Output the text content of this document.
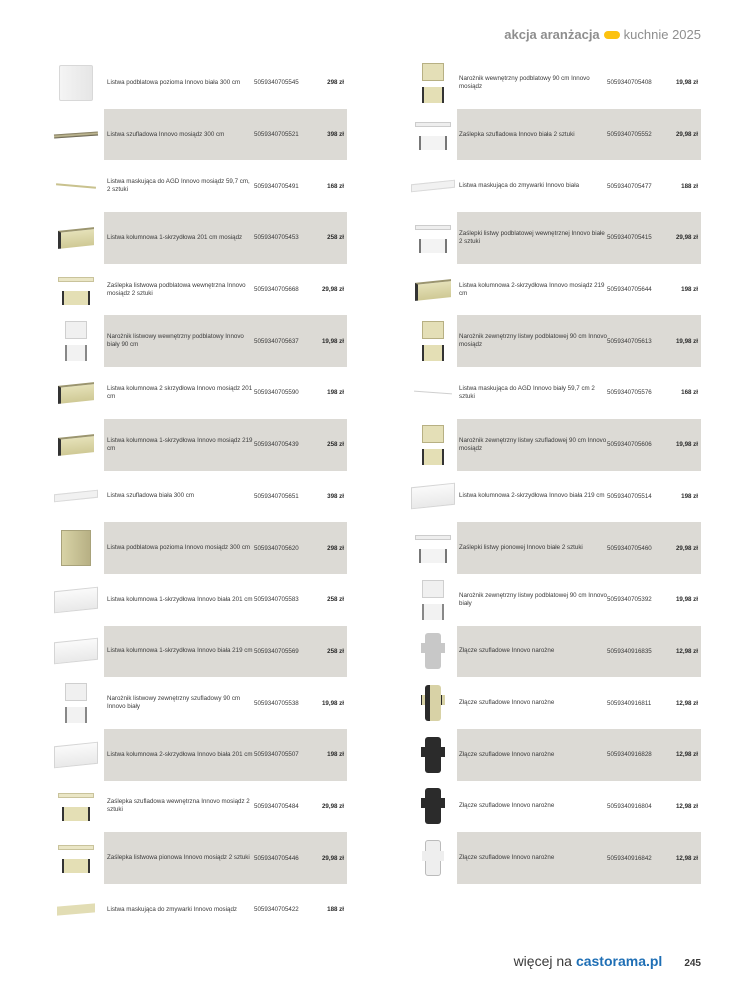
akcja aranżacja kuchnie 2025
Listwa podblatowa pozioma Innovo biała 300 cm	5059340705545	298 zł
Listwa szufladowa Innovo mosiądz 300 cm	5059340705521	398 zł
Listwa maskująca do AGD Innovo mosiądz 59,7 cm, 2 sztuki	5059340705491	168 zł
Listwa kolumnowa 1-skrzydłowa 201 cm mosiądz	5059340705453	258 zł
Zaślepka listwowa podblatowa wewnętrzna Innovo mosiądz 2 sztuki	5059340705668	29,98 zł
Narożnik listwowy wewnętrzny podblatowy Innovo biały 90 cm	5059340705637	19,98 zł
Listwa kolumnowa 2 skrzydłowa Innovo mosiądz 201 cm	5059340705590	198 zł
Listwa kolumnowa 1-skrzydłowa Innovo mosiądz 219 cm	5059340705439	258 zł
Listwa szufladowa biała 300 cm	5059340705651	398 zł
Listwa podblatowa pozioma Innovo mosiądz 300 cm 5059340705620	298 zł
Listwa kolumnowa 1-skrzydłowa Innovo biała 201 cm 5059340705583	258 zł
Listwa kolumnowa 1-skrzydłowa Innovo biała 219 cm 5059340705569	258 zł
Narożnik listwowy zewnętrzny szufladowy 90 cm Innovo biały	5059340705538	19,98 zł
Listwa kolumnowa 2-skrzydłowa Innovo biała 201 cm 5059340705507	198 zł
Zaślepka szufladowa wewnętrzna Innovo mosiądz 2 sztuki	5059340705484	29,98 zł
Zaślepka listwowa pionowa Innovo mosiądz 2 sztuki 5059340705446	29,98 zł
Listwa maskująca do zmywarki Innovo mosiądz	5059340705422	188 zł
Narożnik wewnętrzny podblatowy 90 cm Innovo mosiądz	5059340705408	19,98 zł
Zaślepka szufladowa Innovo biała 2 sztuki	5059340705552	29,98 zł
Listwa maskująca do zmywarki Innovo biała	5059340705477	188 zł
Zaślepki listwy podblatowej wewnętrznej Innovo białe 2 sztuki	5059340705415	29,98 zł
Listwa kolumnowa 2-skrzydłowa Innovo mosiądz 219 cm	5059340705644	198 zł
Narożnik zewnętrzny listwy podblatowej 90 cm Innovo mosiądz	5059340705613	19,98 zł
Listwa maskująca do AGD Innovo biały 59,7 cm 2 sztuki	5059340705576	168 zł
Narożnik zewnętrzny listwy szufladowej 90 cm Innovo mosiądz	5059340705606	19,98 zł
Listwa kolumnowa 2-skrzydłowa Innovo biała 219 cm 5059340705514	198 zł
Zaślepki listwy pionowej Innovo białe 2 sztuki	5059340705460	29,98 zł
Narożnik zewnętrzny listwy podblatowej 90 cm Innovo biały	5059340705392	19,98 zł
Złącze szufladowe Innovo narożne	5059340916835	12,98 zł
Złącze szufladowe Innovo narożne	5059340916811	12,98 zł
Złącze szufladowe Innovo narożne	5059340916828	12,98 zł
Złącze szufladowe Innovo narożne	5059340916804	12,98 zł
Złącze szufladowe Innovo narożne	5059340916842	12,98 zł
więcej na castorama.pl 245
